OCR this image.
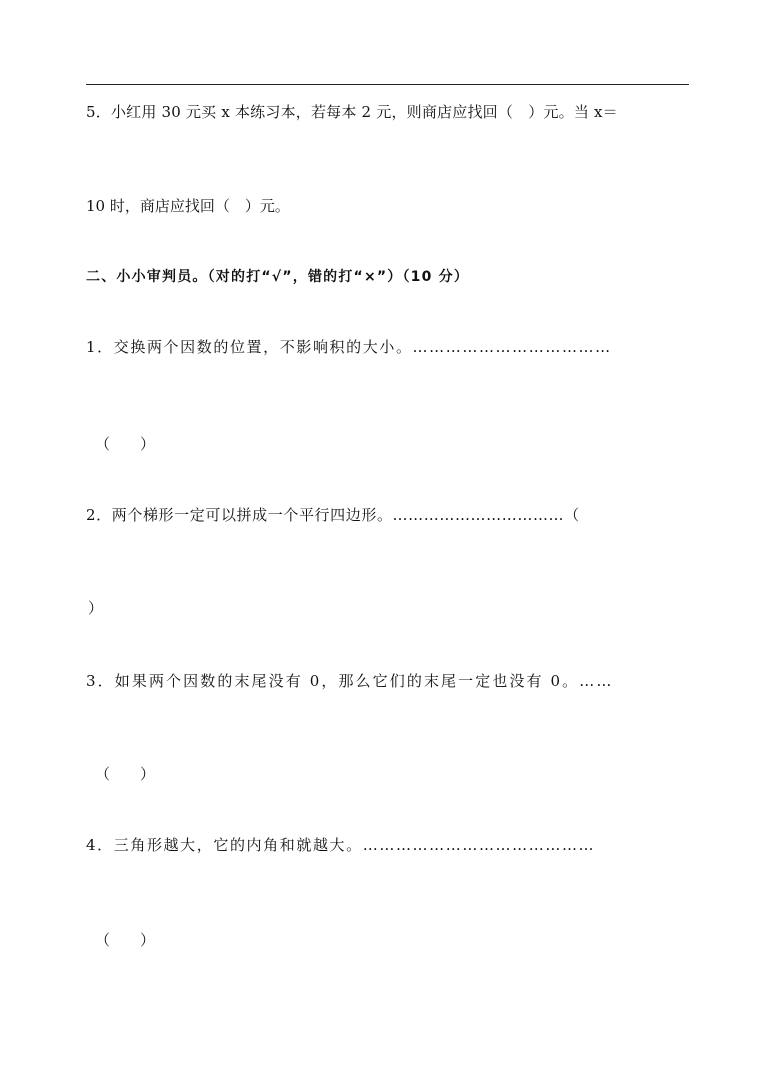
5．小红用 30 元买 x 本练习本，若每本 2 元，则商店应找回（　）元。当 x＝
10 时，商店应找回（　）元。
二、小小审判员。（对的打“√”，错的打“×”）（10 分）
1．交换两个因数的位置，不影响积的大小。………………………………
（　　）
2．两个梯形一定可以拼成一个平行四边形。……………………………（
）
3．如果两个因数的末尾没有 0，那么它们的末尾一定也没有 0。……
（　　）
4．三角形越大，它的内角和就越大。……………………………………
（　　）
